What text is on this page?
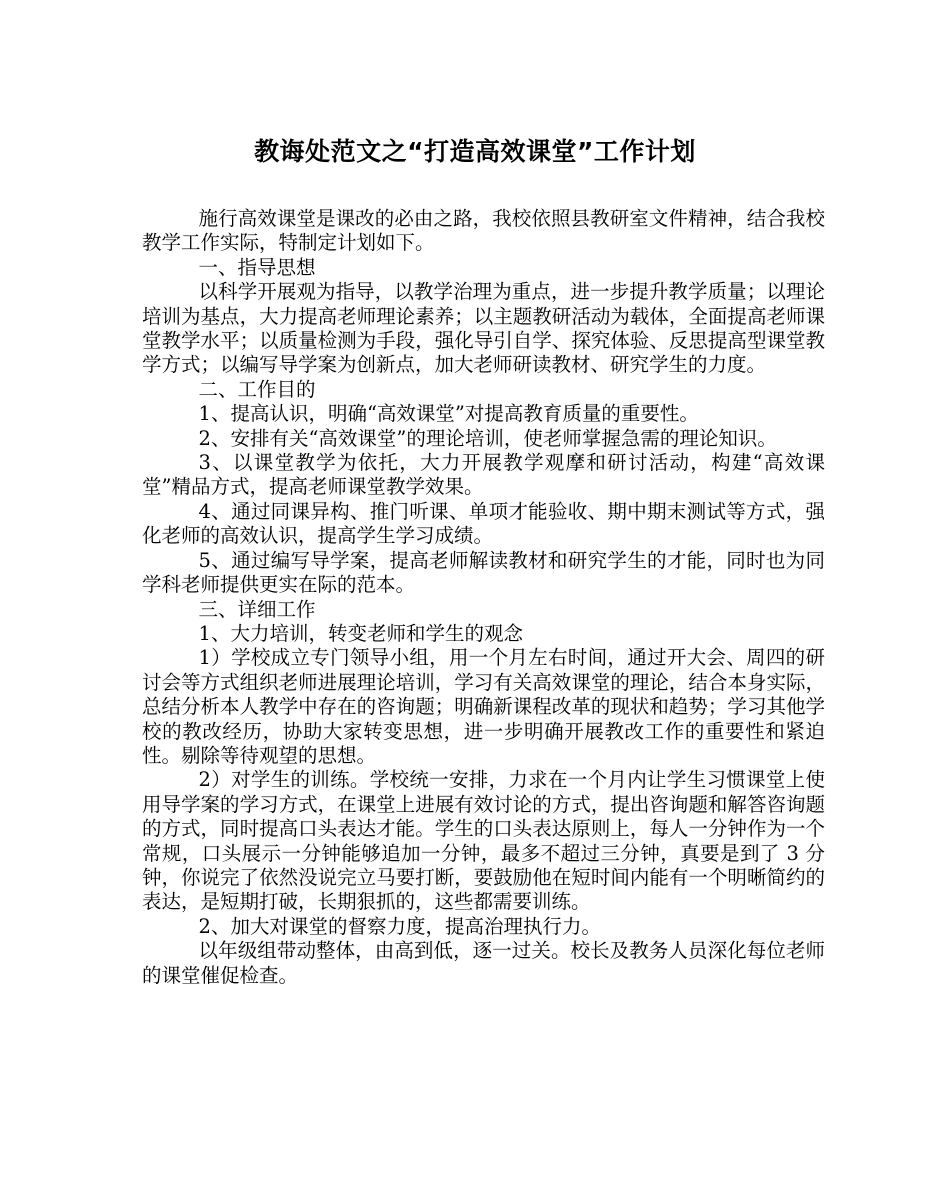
教诲处范文之“打造高效课堂”工作计划

施行高效课堂是课改的必由之路，我校依照县教研室文件精神，结合我校教学工作实际，特制定计划如下。

一、指导思想

以科学开展观为指导，以教学治理为重点，进一步提升教学质量；以理论培训为基点，大力提高老师理论素养；以主题教研活动为载体，全面提高老师课堂教学水平；以质量检测为手段，强化导引自学、探究体验、反思提高型课堂教学方式；以编写导学案为创新点，加大老师研读教材、研究学生的力度。

二、工作目的

1、提高认识，明确“高效课堂”对提高教育质量的重要性。

2、安排有关“高效课堂”的理论培训，使老师掌握急需的理论知识。

3、以课堂教学为依托，大力开展教学观摩和研讨活动，构建“高效课堂”精品方式，提高老师课堂教学效果。

4、通过同课异构、推门听课、单项才能验收、期中期末测试等方式，强化老师的高效认识，提高学生学习成绩。

5、通过编写导学案，提高老师解读教材和研究学生的才能，同时也为同学科老师提供更实在际的范本。

三、详细工作

1、大力培训，转变老师和学生的观念

1）学校成立专门领导小组，用一个月左右时间，通过开大会、周四的研讨会等方式组织老师进展理论培训，学习有关高效课堂的理论，结合本身实际，总结分析本人教学中存在的咨询题；明确新课程改革的现状和趋势；学习其他学校的教改经历，协助大家转变思想，进一步明确开展教改工作的重要性和紧迫性。剔除等待观望的思想。

2）对学生的训练。学校统一安排，力求在一个月内让学生习惯课堂上使用导学案的学习方式，在课堂上进展有效讨论的方式，提出咨询题和解答咨询题的方式，同时提高口头表达才能。学生的口头表达原则上，每人一分钟作为一个常规，口头展示一分钟能够追加一分钟，最多不超过三分钟，真要是到了 3 分钟，你说完了依然没说完立马要打断，要鼓励他在短时间内能有一个明晰简约的表达，是短期打破，长期狠抓的，这些都需要训练。

2、加大对课堂的督察力度，提高治理执行力。

以年级组带动整体，由高到低，逐一过关。校长及教务人员深化每位老师的课堂催促检查。
